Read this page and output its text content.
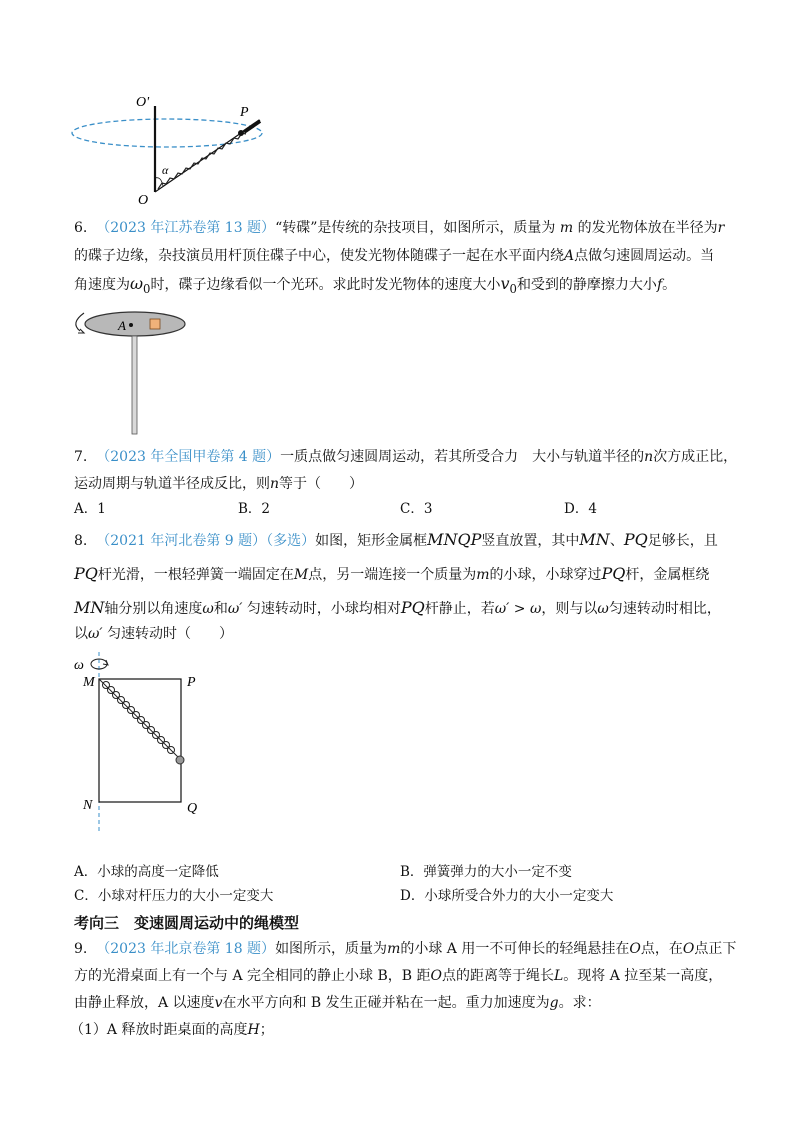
O'
P
α
O
6. （2023 年江苏卷第 13 题）“转碟”是传统的杂技项目，如图所示，质量为 m 的发光物体放在半径为r
的碟子边缘，杂技演员用杆顶住碟子中心，使发光物体随碟子一起在水平面内绕A点做匀速圆周运动。当
角速度为$\omega_0$时，碟子边缘看似一个光环。求此时发光物体的速度大小$v_0$和受到的静摩擦力大小f。
A
7. （2023 年全国甲卷第 4 题）一质点做匀速圆周运动，若其所受合力　大小与轨道半径的n次方成正比，
运动周期与轨道半径成反比，则n等于（　　）
A．1	B．2	C．3	D．4
8. （2021 年河北卷第 9 题）（多选）如图，矩形金属框MNQP竖直放置，其中MN、PQ足够长，且
PQ杆光滑，一根轻弹簧一端固定在M点，另一端连接一个质量为m的小球，小球穿过PQ杆，金属框绕
MN轴分别以角速度ω和ω′ 匀速转动时，小球均相对PQ杆静止，若ω′ > ω，则与以ω匀速转动时相比，
以ω′ 匀速转动时（　　）
ω
M	P
N	Q
A．小球的高度一定降低	B．弹簧弹力的大小一定不变
C．小球对杆压力的大小一定变大	D．小球所受合外力的大小一定变大
考向三　变速圆周运动中的绳模型
9. （2023 年北京卷第 18 题）如图所示，质量为m的小球 A 用一不可伸长的轻绳悬挂在O点，在O点正下
方的光滑桌面上有一个与 A 完全相同的静止小球 B，B 距O点的距离等于绳长L。现将 A 拉至某一高度，
由静止释放，A 以速度v在水平方向和 B 发生正碰并粘在一起。重力加速度为g。求：
（1）A 释放时距桌面的高度H；
